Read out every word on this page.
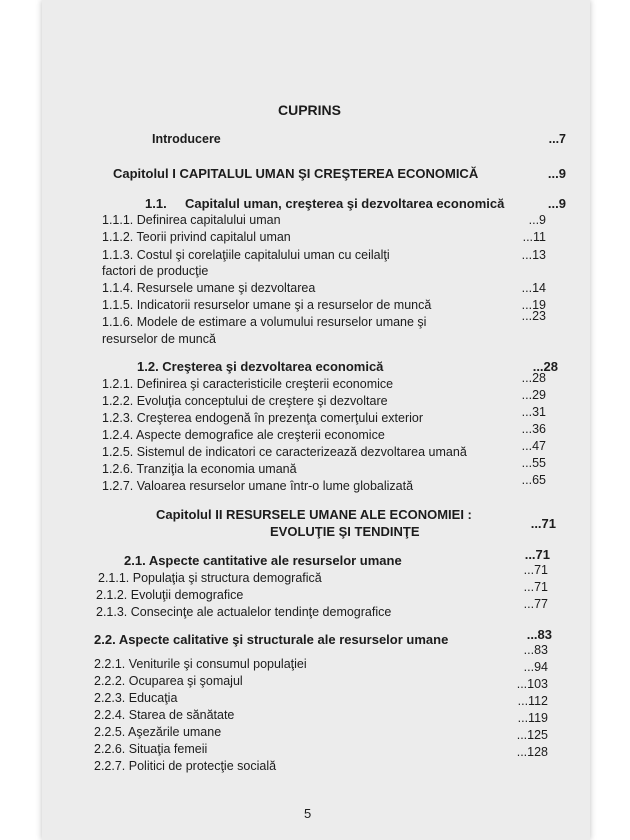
CUPRINS
Introducere	...7
Capitolul I CAPITALUL UMAN ŞI CREŞTEREA ECONOMICĂ	...9
1.1. Capitalul uman, creşterea şi dezvoltarea economică	...9
1.1.1. Definirea capitalului uman	...9
1.1.2. Teorii privind capitalul uman	...11
1.1.3. Costul şi corelaţiile capitalului uman cu ceilalţi	...13
factori de producţie
1.1.4. Resursele umane şi dezvoltarea	...14
1.1.5. Indicatorii resurselor umane şi a resurselor de muncă	...19
1.1.6. Modele de estimare a volumului resurselor umane şi	...23
resurselor de muncă
1.2. Creşterea şi dezvoltarea economică	...28
1.2.1. Definirea şi caracteristicile creşterii economice	...28
1.2.2. Evoluţia conceptului de creştere şi dezvoltare	...29
1.2.3. Creşterea endogenă în prezenţa comerţului exterior	...31
1.2.4. Aspecte demografice ale creşterii economice	...36
1.2.5. Sistemul de indicatori ce caracterizează dezvoltarea umană	...47
1.2.6. Tranziţia la economia umană	...55
1.2.7. Valoarea resurselor umane într-o lume globalizată	...65
Capitolul II RESURSELE UMANE ALE ECONOMIEI :
EVOLUŢIE ŞI TENDINŢE
...71
2.1. Aspecte cantitative ale resurselor umane	...71
2.1.1. Populaţia şi structura demografică
...71
2.1.2. Evoluţii demografice
...71
2.1.3. Consecinţe ale actualelor tendinţe demografice
...77
2.2. Aspecte calitative şi structurale ale resurselor umane	...83
2.2.1. Veniturile şi consumul populaţiei
...83
2.2.2. Ocuparea şi şomajul
...94
2.2.3. Educaţia
...103
2.2.4. Starea de sănătate
...112
2.2.5. Aşezările umane
...119
2.2.6. Situaţia femeii
...125
2.2.7. Politici de protecţie socială
...128
5
